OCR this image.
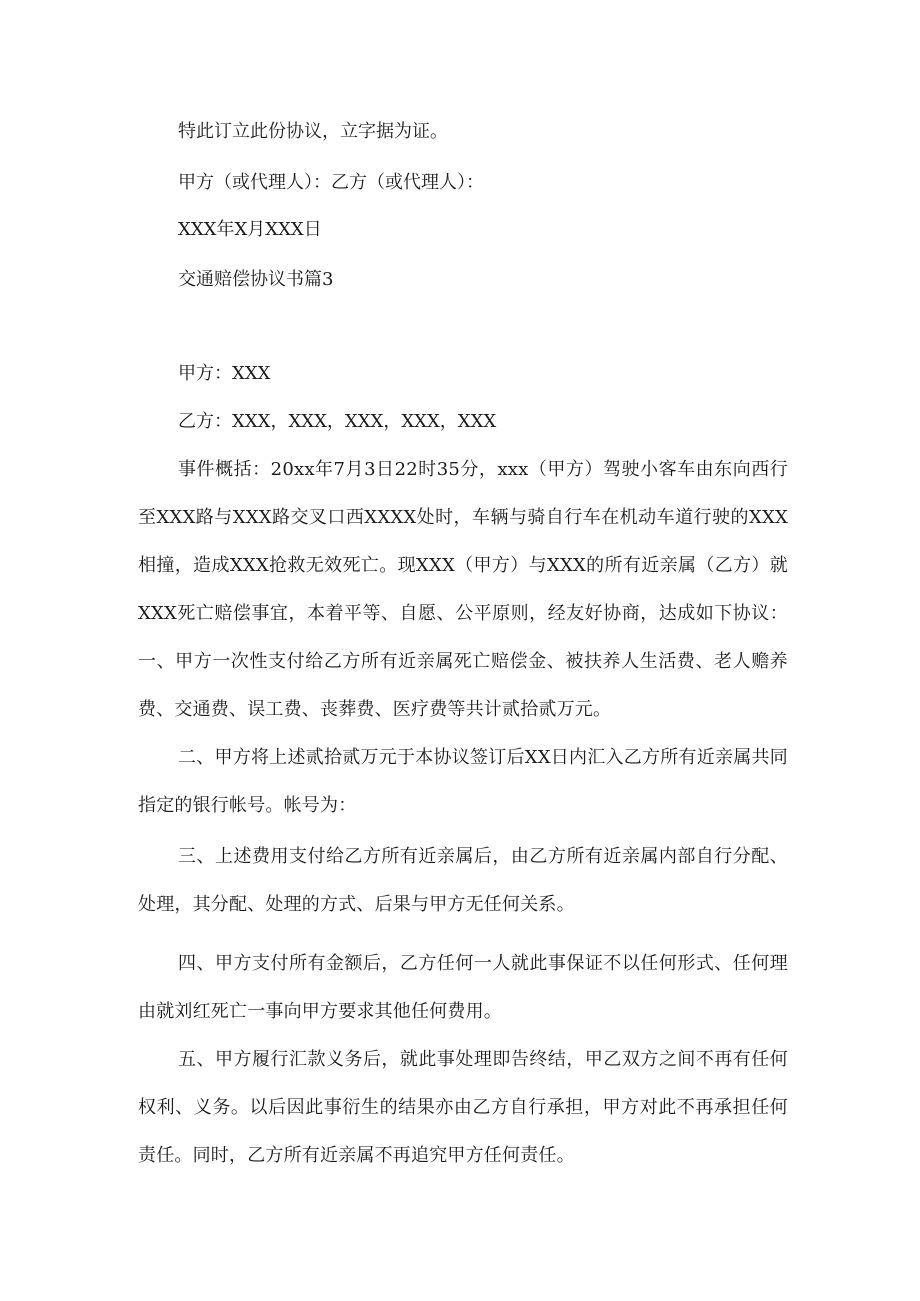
特此订立此份协议，立字据为证。

甲方（或代理人）：乙方（或代理人）：

XXX年X月XXX日

交通赔偿协议书篇3

甲方：XXX

乙方：XXX，XXX，XXX，XXX，XXX

事件概括：20xx年7月3日22时35分，xxx（甲方）驾驶小客车由东向西行至XXX路与XXX路交叉口西XXXX处时，车辆与骑自行车在机动车道行驶的XXX相撞，造成XXX抢救无效死亡。现XXX（甲方）与XXX的所有近亲属（乙方）就XXX死亡赔偿事宜，本着平等、自愿、公平原则，经友好协商，达成如下协议：一、甲方一次性支付给乙方所有近亲属死亡赔偿金、被扶养人生活费、老人赡养费、交通费、误工费、丧葬费、医疗费等共计贰拾贰万元。

二、甲方将上述贰拾贰万元于本协议签订后XX日内汇入乙方所有近亲属共同指定的银行帐号。帐号为：

三、上述费用支付给乙方所有近亲属后，由乙方所有近亲属内部自行分配、处理，其分配、处理的方式、后果与甲方无任何关系。

四、甲方支付所有金额后，乙方任何一人就此事保证不以任何形式、任何理由就刘红死亡一事向甲方要求其他任何费用。

五、甲方履行汇款义务后，就此事处理即告终结，甲乙双方之间不再有任何权利、义务。以后因此事衍生的结果亦由乙方自行承担，甲方对此不再承担任何责任。同时，乙方所有近亲属不再追究甲方任何责任。
